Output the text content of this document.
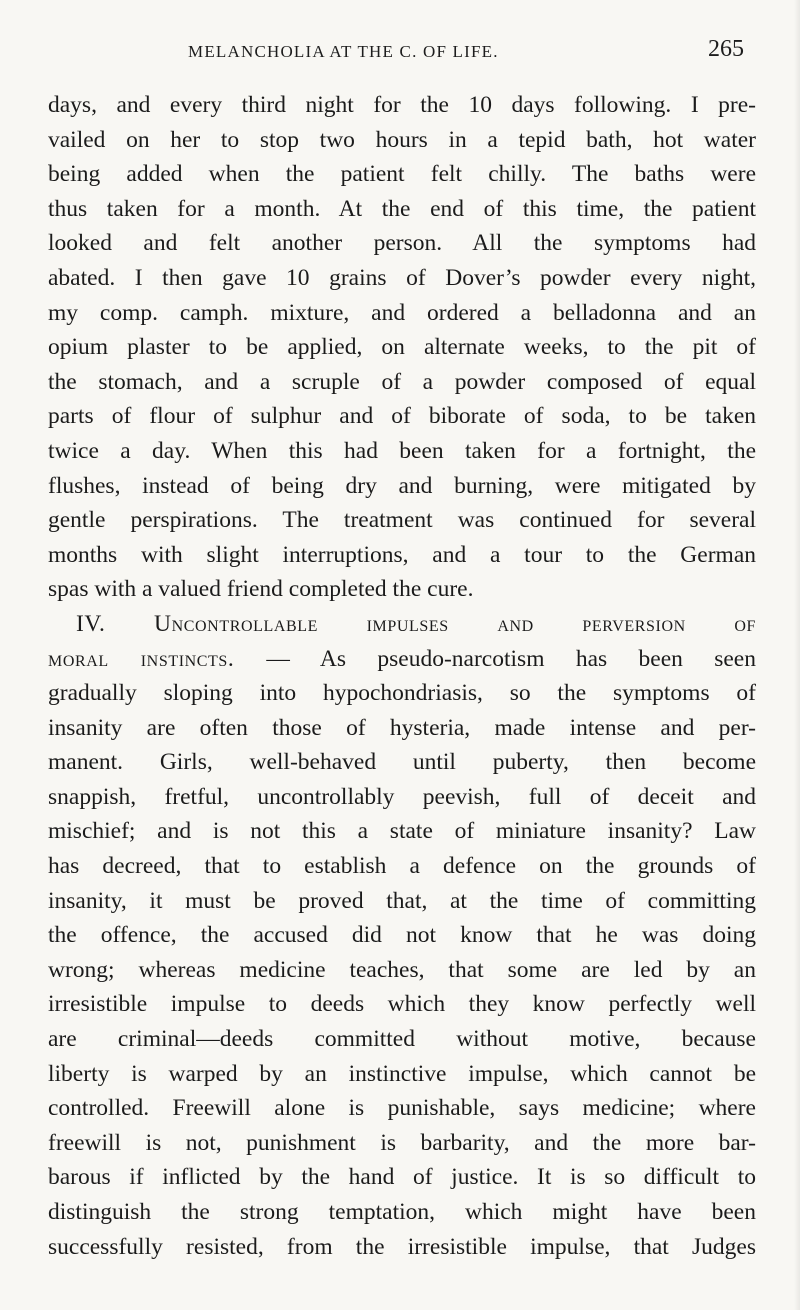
MELANCHOLIA AT THE C. OF LIFE.	265
days, and every third night for the 10 days following. I pre-
vailed on her to stop two hours in a tepid bath, hot water
being added when the patient felt chilly. The baths were
thus taken for a month. At the end of this time, the patient
looked and felt another person. All the symptoms had
abated. I then gave 10 grains of Dover’s powder every night,
my comp. camph. mixture, and ordered a belladonna and an
opium plaster to be applied, on alternate weeks, to the pit of
the stomach, and a scruple of a powder composed of equal
parts of flour of sulphur and of biborate of soda, to be taken
twice a day. When this had been taken for a fortnight, the
flushes, instead of being dry and burning, were mitigated by
gentle perspirations. The treatment was continued for several
months with slight interruptions, and a tour to the German
spas with a valued friend completed the cure.
IV. Uncontrollable impulses and perversion of
moral instincts. — As pseudo-narcotism has been seen
gradually sloping into hypochondriasis, so the symptoms of
insanity are often those of hysteria, made intense and per-
manent. Girls, well-behaved until puberty, then become
snappish, fretful, uncontrollably peevish, full of deceit and
mischief; and is not this a state of miniature insanity? Law
has decreed, that to establish a defence on the grounds of
insanity, it must be proved that, at the time of committing
the offence, the accused did not know that he was doing
wrong; whereas medicine teaches, that some are led by an
irresistible impulse to deeds which they know perfectly well
are criminal—deeds committed without motive, because
liberty is warped by an instinctive impulse, which cannot be
controlled. Freewill alone is punishable, says medicine; where
freewill is not, punishment is barbarity, and the more bar-
barous if inflicted by the hand of justice. It is so difficult to
distinguish the strong temptation, which might have been
successfully resisted, from the irresistible impulse, that Judges
